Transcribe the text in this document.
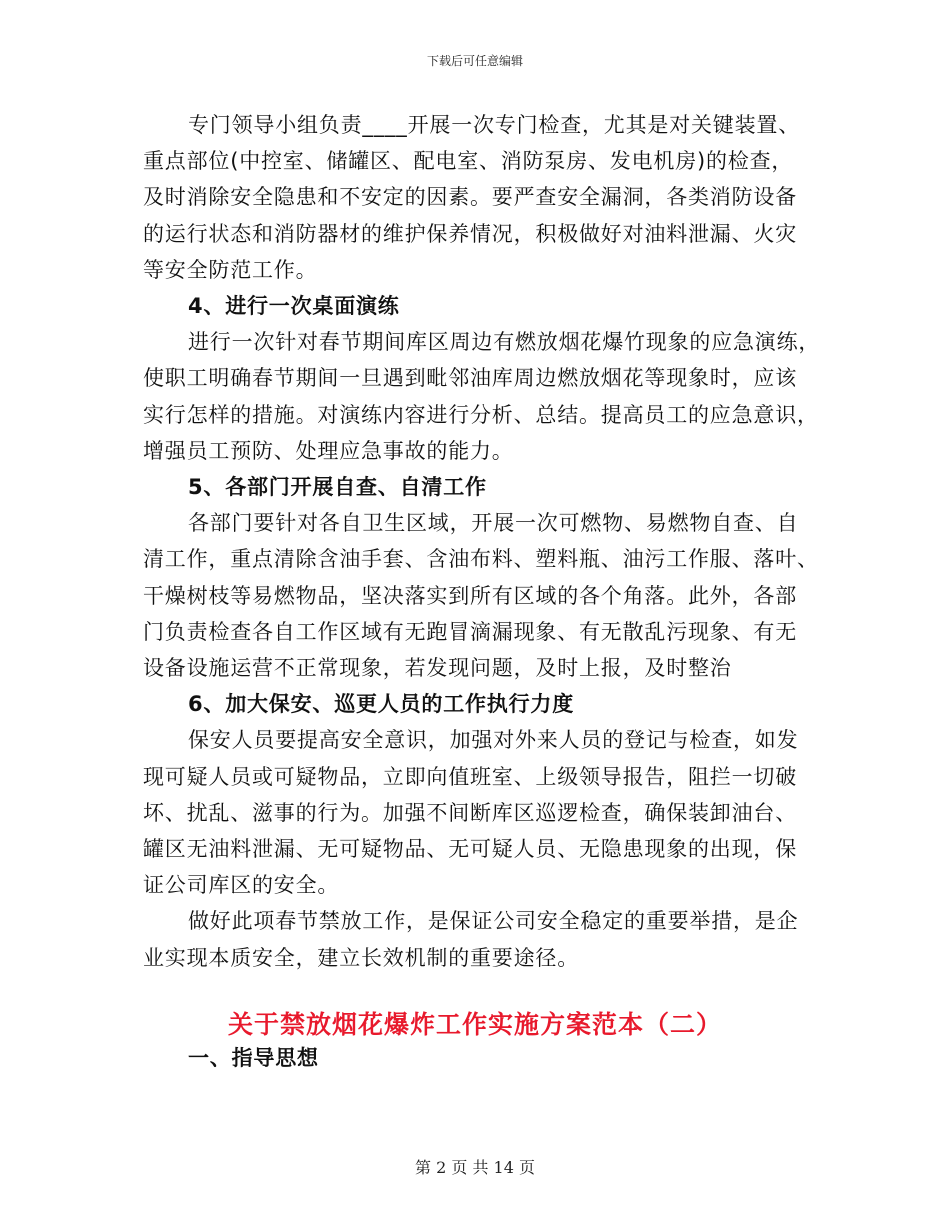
下载后可任意编辑
专门领导小组负责____开展一次专门检查，尤其是对关键装置、
重点部位(中控室、储罐区、配电室、消防泵房、发电机房)的检查，
及时消除安全隐患和不安定的因素。要严查安全漏洞，各类消防设备
的运行状态和消防器材的维护保养情况，积极做好对油料泄漏、火灾
等安全防范工作。
4、进行一次桌面演练
进行一次针对春节期间库区周边有燃放烟花爆竹现象的应急演练，
使职工明确春节期间一旦遇到毗邻油库周边燃放烟花等现象时，应该
实行怎样的措施。对演练内容进行分析、总结。提高员工的应急意识，
增强员工预防、处理应急事故的能力。
5、各部门开展自查、自清工作
各部门要针对各自卫生区域，开展一次可燃物、易燃物自查、自
清工作，重点清除含油手套、含油布料、塑料瓶、油污工作服、落叶、
干燥树枝等易燃物品，坚决落实到所有区域的各个角落。此外，各部
门负责检查各自工作区域有无跑冒滴漏现象、有无散乱污现象、有无
设备设施运营不正常现象，若发现问题，及时上报，及时整治
6、加大保安、巡更人员的工作执行力度
保安人员要提高安全意识，加强对外来人员的登记与检查，如发
现可疑人员或可疑物品，立即向值班室、上级领导报告，阻拦一切破
坏、扰乱、滋事的行为。加强不间断库区巡逻检查，确保装卸油台、
罐区无油料泄漏、无可疑物品、无可疑人员、无隐患现象的出现，保
证公司库区的安全。
做好此项春节禁放工作，是保证公司安全稳定的重要举措，是企
业实现本质安全，建立长效机制的重要途径。
关于禁放烟花爆炸工作实施方案范本（二）
一、指导思想
第 2 页 共 14 页
